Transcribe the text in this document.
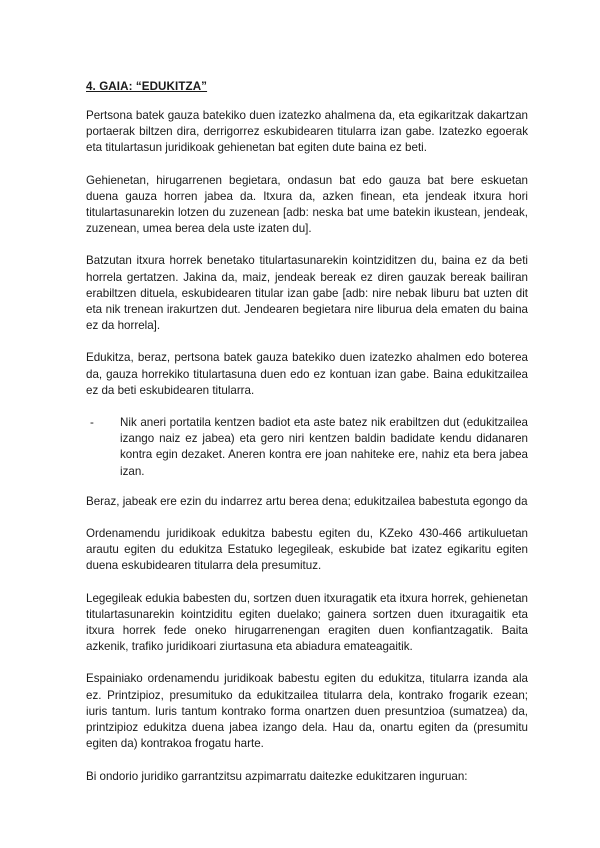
4. GAIA: “EDUKITZA”

Pertsona batek gauza batekiko duen izatezko ahalmena da, eta egikaritzak dakartzan portaerak biltzen dira, derrigorrez eskubidearen titularra izan gabe. Izatezko egoerak eta titulartasun juridikoak gehienetan bat egiten dute baina ez beti.

Gehienetan, hirugarrenen begietara, ondasun bat edo gauza bat bere eskuetan duena gauza horren jabea da. Itxura da, azken finean, eta jendeak itxura hori titulartasunarekin lotzen du zuzenean [adb: neska bat ume batekin ikustean, jendeak, zuzenean, umea berea dela uste izaten du].

Batzutan itxura horrek benetako titulartasunarekin kointziditzen du, baina ez da beti horrela gertatzen. Jakina da, maiz, jendeak bereak ez diren gauzak bereak bailiran erabiltzen dituela, eskubidearen titular izan gabe [adb: nire nebak liburu bat uzten dit eta nik trenean irakurtzen dut. Jendearen begietara nire liburua dela ematen du baina ez da horrela].

Edukitza, beraz, pertsona batek gauza batekiko duen izatezko ahalmen edo boterea da, gauza horrekiko titulartasuna duen edo ez kontuan izan gabe. Baina edukitzailea ez da beti eskubidearen titularra.

- Nik aneri portatila kentzen badiot eta aste batez nik erabiltzen dut (edukitzailea izango naiz ez jabea) eta gero niri kentzen baldin badidate kendu didanaren kontra egin dezaket. Aneren kontra ere joan nahiteke ere, nahiz eta bera jabea izan.

Beraz, jabeak ere ezin du indarrez artu berea dena; edukitzailea babestuta egongo da

Ordenamendu juridikoak edukitza babestu egiten du, KZeko 430-466 artikuluetan arautu egiten du edukitza Estatuko legegileak, eskubide bat izatez egikaritu egiten duena eskubidearen titularra dela presumituz.

Legegileak edukia babesten du, sortzen duen itxuragatik eta itxura horrek, gehienetan titulartasunarekin kointziditu egiten duelako; gainera sortzen duen itxuragaitik eta itxura horrek fede oneko hirugarrenengan eragiten duen konfiantzagatik. Baita azkenik, trafiko juridikoari ziurtasuna eta abiadura emateagaitik.

Espainiako ordenamendu juridikoak babestu egiten du edukitza, titularra izanda ala ez. Printzipioz, presumituko da edukitzailea titularra dela, kontrako frogarik ezean; iuris tantum. Iuris tantum kontrako forma onartzen duen presuntzioa (sumatzea) da, printzipioz edukitza duena jabea izango dela. Hau da, onartu egiten da (presumitu egiten da) kontrakoa frogatu harte.

Bi ondorio juridiko garrantzitsu azpimarratu daitezke edukitzaren inguruan:
